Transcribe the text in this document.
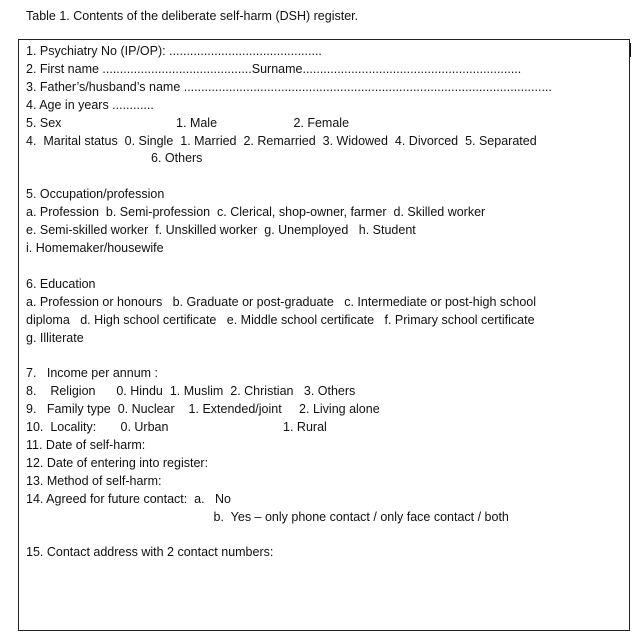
Table 1. Contents of the deliberate self-harm (DSH) register.
1. Psychiatry No (IP/OP): ............................................
2. First name ...........................................Surname...............................................................
3. Father’s/husband’s name ..........................................................................................................
4. Age in years ............
5. Sex                                 1. Male                      2. Female
4.  Marital status  0. Single  1. Married  2. Remarried  3. Widowed  4. Divorced  5. Separated
6. Others
5. Occupation/profession
a. Profession  b. Semi-profession  c. Clerical, shop-owner, farmer  d. Skilled worker
e. Semi-skilled worker  f. Unskilled worker  g. Unemployed   h. Student
i. Homemaker/housewife
6. Education
a. Profession or honours   b. Graduate or post-graduate   c. Intermediate or post-high school
diploma   d. High school certificate   e. Middle school certificate   f. Primary school certificate
g. Illiterate
7.   Income per annum :
8.    Religion      0. Hindu  1. Muslim  2. Christian   3. Others
9.   Family type  0. Nuclear    1. Extended/joint     2. Living alone
10.  Locality:       0. Urban                                 1. Rural
11. Date of self-harm:
12. Date of entering into register:
13. Method of self-harm:
14. Agreed for future contact:  a.   No
b.  Yes – only phone contact / only face contact / both
15. Contact address with 2 contact numbers:
